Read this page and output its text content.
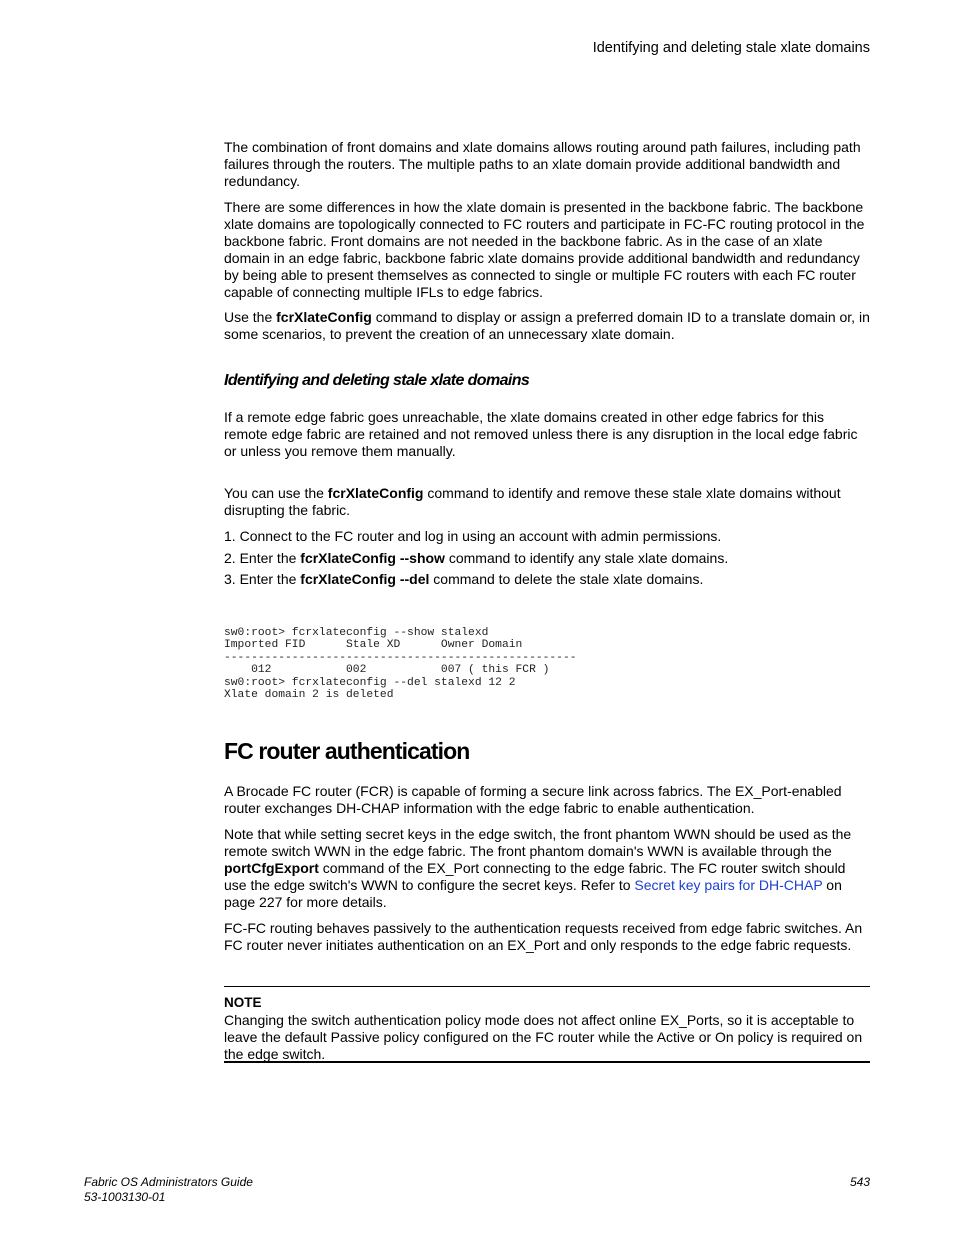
Identifying and deleting stale xlate domains

The combination of front domains and xlate domains allows routing around path failures, including path failures through the routers. The multiple paths to an xlate domain provide additional bandwidth and redundancy.

There are some differences in how the xlate domain is presented in the backbone fabric. The backbone xlate domains are topologically connected to FC routers and participate in FC-FC routing protocol in the backbone fabric. Front domains are not needed in the backbone fabric. As in the case of an xlate domain in an edge fabric, backbone fabric xlate domains provide additional bandwidth and redundancy by being able to present themselves as connected to single or multiple FC routers with each FC router capable of connecting multiple IFLs to edge fabrics.

Use the fcrXlateConfig command to display or assign a preferred domain ID to a translate domain or, in some scenarios, to prevent the creation of an unnecessary xlate domain.

Identifying and deleting stale xlate domains

If a remote edge fabric goes unreachable, the xlate domains created in other edge fabrics for this remote edge fabric are retained and not removed unless there is any disruption in the local edge fabric or unless you remove them manually.

You can use the fcrXlateConfig command to identify and remove these stale xlate domains without disrupting the fabric.

1. Connect to the FC router and log in using an account with admin permissions.
2. Enter the fcrXlateConfig --show command to identify any stale xlate domains.
3. Enter the fcrXlateConfig --del command to delete the stale xlate domains.
sw0:root> fcrxlateconfig --show stalexd
Imported FID      Stale XD      Owner Domain
----------------------------------------------------
012           002           007 ( this FCR )
sw0:root> fcrxlateconfig --del stalexd 12 2
Xlate domain 2 is deleted
FC router authentication

A Brocade FC router (FCR) is capable of forming a secure link across fabrics. The EX_Port-enabled router exchanges DH-CHAP information with the edge fabric to enable authentication.

Note that while setting secret keys in the edge switch, the front phantom WWN should be used as the remote switch WWN in the edge fabric. The front phantom domain's WWN is available through the portCfgExport command of the EX_Port connecting to the edge fabric. The FC router switch should use the edge switch's WWN to configure the secret keys. Refer to Secret key pairs for DH-CHAP on page 227 for more details.

FC-FC routing behaves passively to the authentication requests received from edge fabric switches. An FC router never initiates authentication on an EX_Port and only responds to the edge fabric requests.

NOTE
Changing the switch authentication policy mode does not affect online EX_Ports, so it is acceptable to leave the default Passive policy configured on the FC router while the Active or On policy is required on the edge switch.
Fabric OS Administrators Guide
53-1003130-01
543
